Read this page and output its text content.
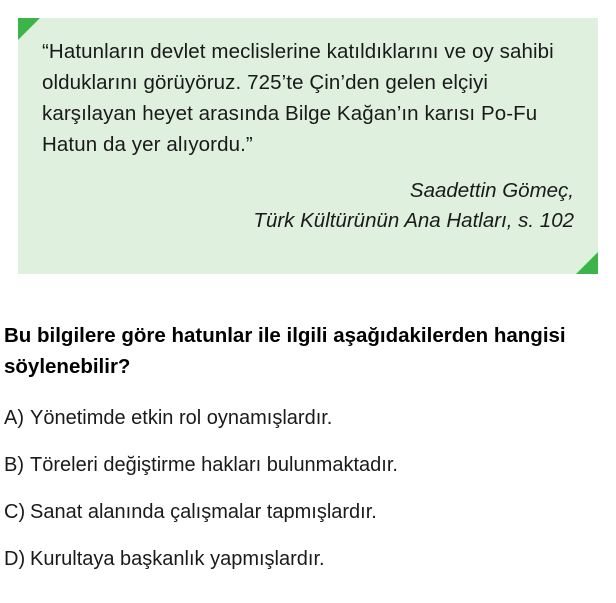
“Hatunların devlet meclislerine katıldıklarını ve oy sahibi olduklarını görüyöruz. 725’te Çin’den gelen elçiyi karşılayan heyet arasında Bilge Kağan’ın karısı Po-Fu Hatun da yer alıyordu.”

Saadettin Gömeç,
Türk Kültürünün Ana Hatları, s. 102
Bu bilgilere göre hatunlar ile ilgili aşağıdakilerden hangisi söylenebilir?
A) Yönetimde etkin rol oynamışlardır.
B) Töreleri değiştirme hakları bulunmaktadır.
C) Sanat alanında çalışmalar tapmışlardır.
D) Kurultaya başkanlık yapmışlardır.
